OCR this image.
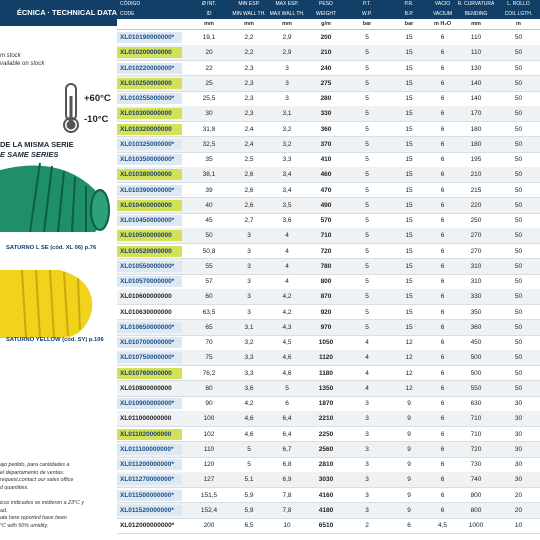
ÉCNICA · TECHNICAL DATA
m stock
vailable on stock
+60°C
-10°C
DE LA MISMA SERIE
E SAME SERIES
SATURNO L SE (cód. XL 06) p.76
SATURNO YELLOW (cód. SY) p.106
ajo pedido, para cantidades a
el departamento de ventas.
request,contact our sales office
d quantities.
icos indicados se midieron a 23°C y
ad.
ata here reported have been
°C with 50% umidity.
CÓDIGO	Ø INT.	MIN ESP.	MAX ESP.	PESO	P.T.	P.R.	VACIO	R. CURVATURA	L. ROLLO
CODE	ID	MIN WALL TH. MAX WALL TH.	WEIGHT	W.P.	B.P.	VACIUM	BENDING	COIL LGTH.
mm	mm	mm	g/m	bar	bar	m H₂O	mm	m
XL010190000000*	19,1	2,2	2,9	200	5	15	6	110	50
XL010200000000	20	2,2	2,9	210	5	15	6	110	50
XL010220000000*	22	2,3	3	240	5	15	6	130	50
XL010250000000	25	2,3	3	275	5	15	6	140	50
XL010255000000*	25,5	2,3	3	280	5	15	6	140	50
XL010300000000	30	2,3	3,1	330	5	15	6	170	50
XL010320000000	31,8	2,4	3,2	360	5	15	6	180	50
XL010325000000*	32,5	2,4	3,2	370	5	15	6	180	50
XL010350000000*	35	2,5	3,3	410	5	15	6	195	50
XL010380000000	38,1	2,6	3,4	460	5	15	6	210	50
XL010390000000*	39	2,6	3,4	470	5	15	6	215	50
XL010400000000	40	2,6	3,5	490	5	15	6	220	50
XL010450000000*	45	2,7	3,6	570	5	15	6	250	50
XL010500000000	50	3	4	710	5	15	6	270	50
XL010520000000	50,8	3	4	720	5	15	6	270	50
XL010550000000*	55	3	4	780	5	15	6	310	50
XL010570000000*	57	3	4	800	5	15	6	310	50
XL010600000000	60	3	4,2	870	5	15	6	330	50
XL010630000000	63,5	3	4,2	920	5	15	6	350	50
XL010650000000*	65	3,1	4,3	970	5	15	6	360	50
XL010700000000*	70	3,2	4,5	1050	4	12	6	450	50
XL010750000000*	75	3,3	4,6	1120	4	12	6	500	50
XL010760000000	76,2	3,3	4,6	1180	4	12	6	500	50
XL010800000000	80	3,6	5	1350	4	12	6	550	50
XL010900000000*	90	4,2	6	1870	3	9	6	630	30
XL011000000000	100	4,6	6,4	2210	3	9	6	710	30
XL011020000000	102	4,6	6,4	2250	3	9	6	710	30
XL011100000000*	110	5	6,7	2560	3	9	6	720	30
XL011200000000*	120	5	6,8	2810	3	9	6	730	30
XL011270000000*	127	5,1	6,9	3030	3	9	6	740	30
XL011500000000*	151,5	5,9	7,8	4160	3	9	6	800	20
XL011520000000*	152,4	5,9	7,8	4180	3	9	6	800	20
XL012000000000*	200	6,5	10	6510	2	6	4,5	1000	10
